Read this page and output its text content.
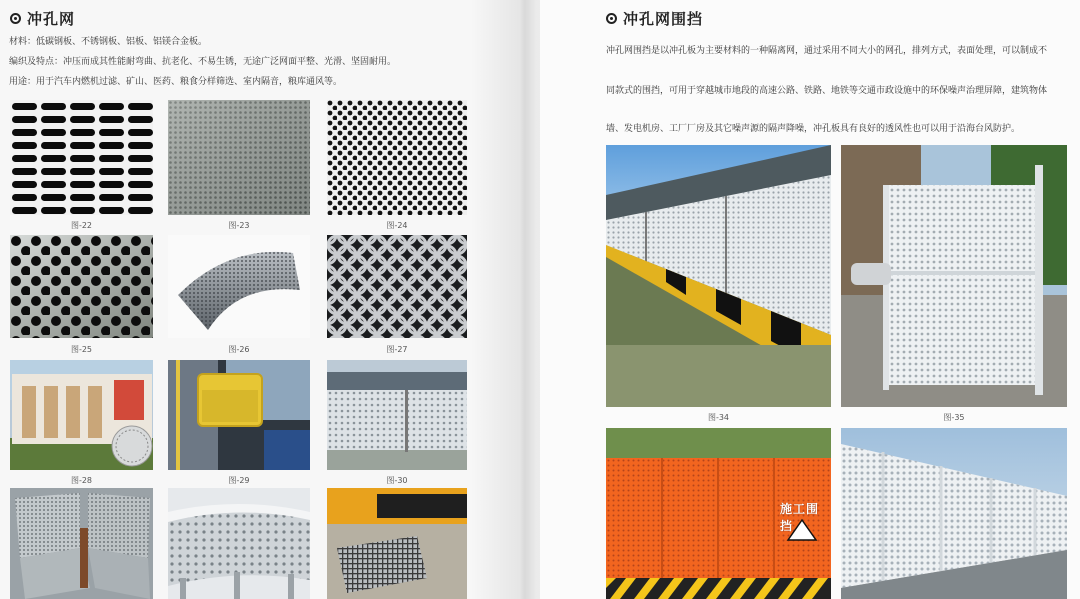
冲孔网
材料：低碳钢板、不锈钢板、铝板、铝镁合金板。
编织及特点：冲压而成其性能耐弯曲、抗老化、不易生锈，无途广泛网面平整、光滑、坚固耐用。
用途：用于汽车内燃机过滤、矿山、医药、粮食分样筛选、室内隔音，粮库通风等。
图-22	图-23	图-24
图-25	图-26	图-27
图-28	图-29	图-30
冲孔网围挡
冲孔网围挡是以冲孔板为主要材料的一种隔离网，通过采用不同大小的网孔，排列方式，表面处理，可以制成不
同款式的围挡，可用于穿越城市地段的高速公路、铁路、地铁等交通市政设施中的环保噪声治理屏障，建筑物体
墙、发电机房、工厂厂房及其它噪声源的隔声降噪，冲孔板具有良好的透风性也可以用于沿海台风防护。
图-34	图-35
施工围挡
